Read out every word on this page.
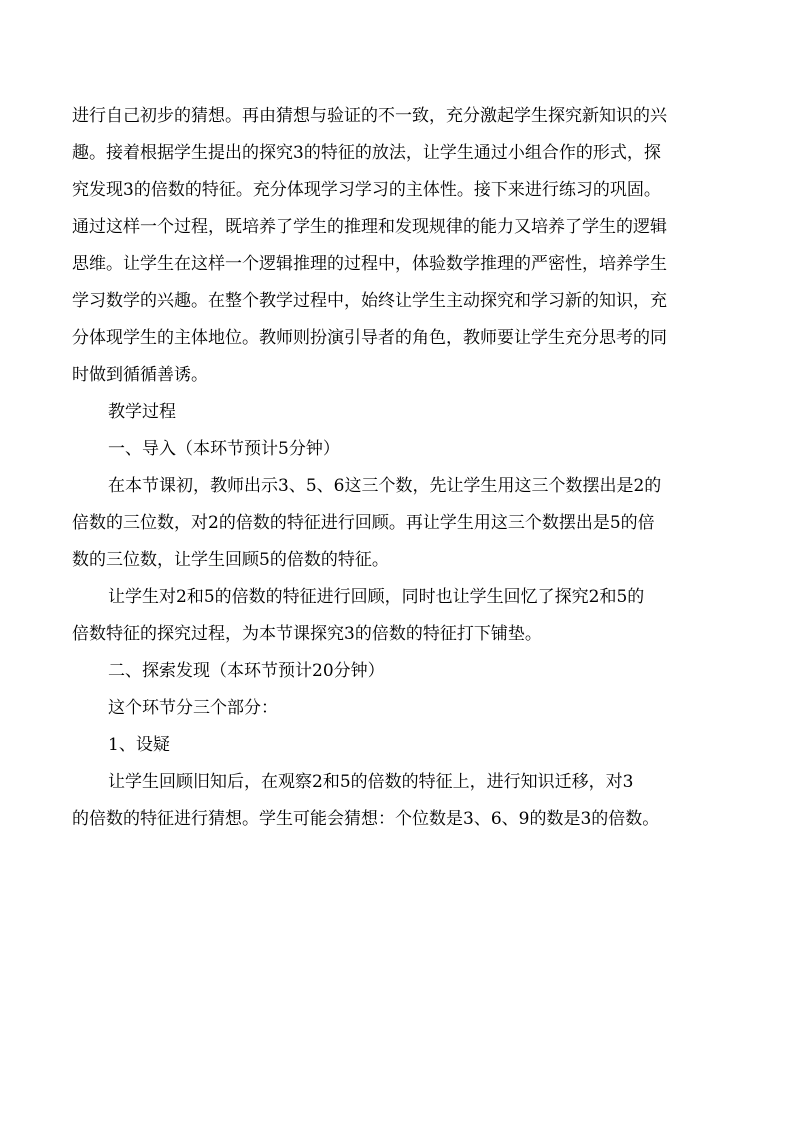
进行自己初步的猜想。再由猜想与验证的不一致，充分激起学生探究新知识的兴
趣。接着根据学生提出的探究3的特征的放法，让学生通过小组合作的形式，探
究发现3的倍数的特征。充分体现学习学习的主体性。接下来进行练习的巩固。
通过这样一个过程，既培养了学生的推理和发现规律的能力又培养了学生的逻辑
思维。让学生在这样一个逻辑推理的过程中，体验数学推理的严密性，培养学生
学习数学的兴趣。在整个教学过程中，始终让学生主动探究和学习新的知识，充
分体现学生的主体地位。教师则扮演引导者的角色，教师要让学生充分思考的同
时做到循循善诱。
教学过程
一、导入（本环节预计5分钟）
在本节课初，教师出示3、5、6这三个数，先让学生用这三个数摆出是2的
倍数的三位数，对2的倍数的特征进行回顾。再让学生用这三个数摆出是5的倍
数的三位数，让学生回顾5的倍数的特征。
让学生对2和5的倍数的特征进行回顾，同时也让学生回忆了探究2和5的
倍数特征的探究过程，为本节课探究3的倍数的特征打下铺垫。
二、探索发现（本环节预计20分钟）
这个环节分三个部分：
1、设疑
让学生回顾旧知后，在观察2和5的倍数的特征上，进行知识迁移，对3
的倍数的特征进行猜想。学生可能会猜想：个位数是3、6、9的数是3的倍数。
